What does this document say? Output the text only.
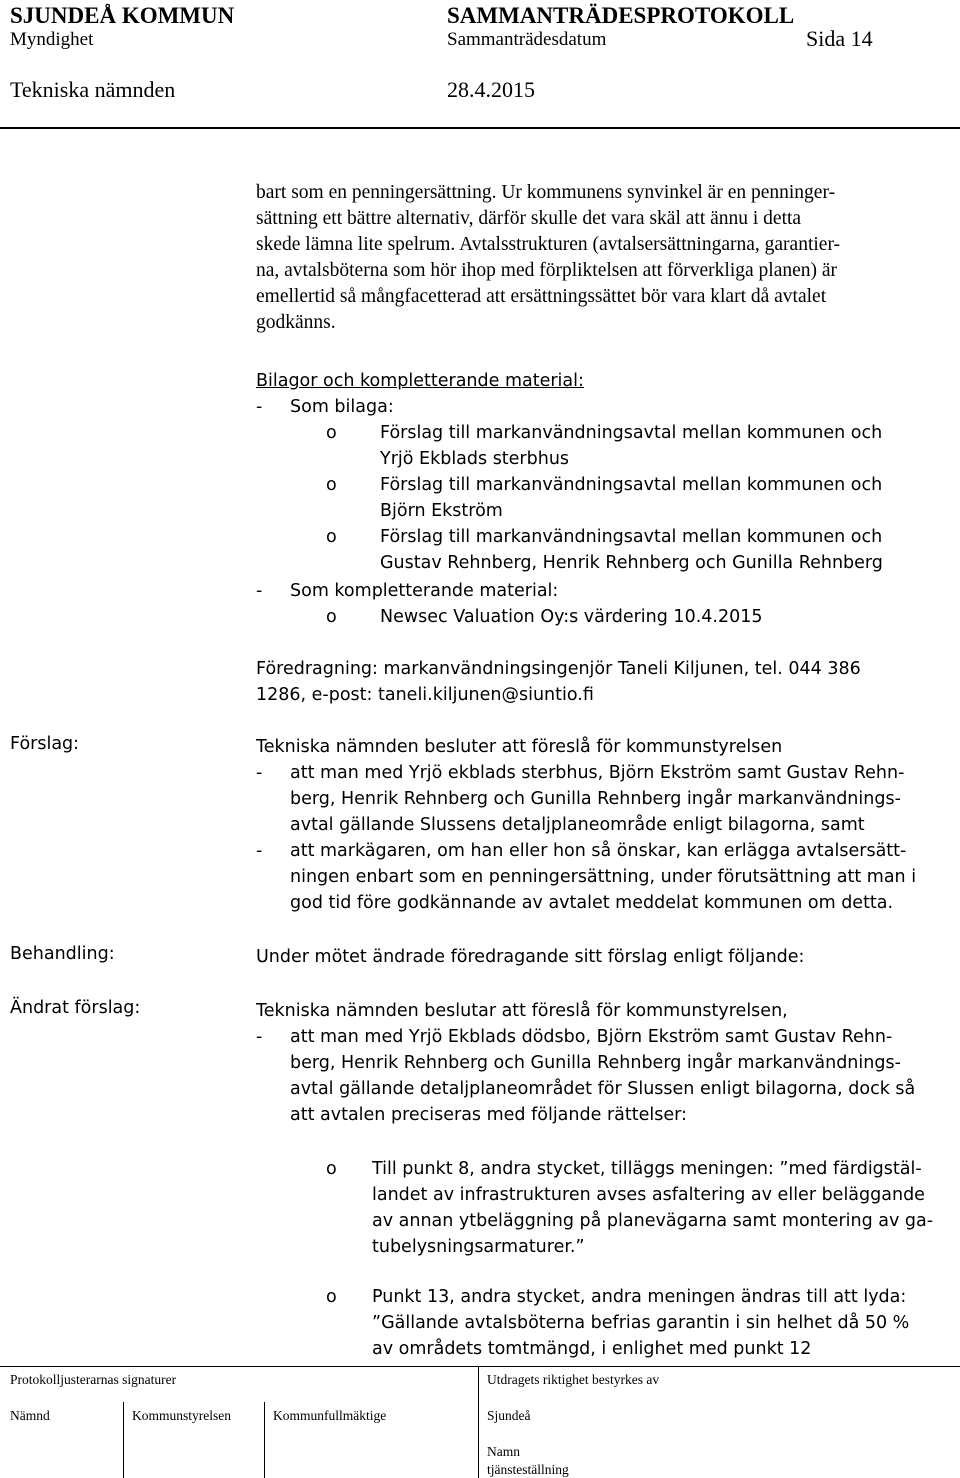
SJUNDEÅ KOMMUN	SAMMANTRÄDESPROTOKOLL
Myndighet	Sammanträdesdatum	Sida 14
Tekniska nämnden	28.4.2015
bart som en penningersättning. Ur kommunens synvinkel är en penninger-
sättning ett bättre alternativ, därför skulle det vara skäl att ännu i detta
skede lämna lite spelrum. Avtalsstrukturen (avtalsersättningarna, garantier-
na, avtalsböterna som hör ihop med förpliktelsen att förverkliga planen) är
emellertid så mångfacetterad att ersättningssättet bör vara klart då avtalet
godkänns.
Bilagor och kompletterande material:
- Som bilaga:
o Förslag till markanvändningsavtal mellan kommunen och
Yrjö Ekblads sterbhus
o Förslag till markanvändningsavtal mellan kommunen och
Björn Ekström
o Förslag till markanvändningsavtal mellan kommunen och
Gustav Rehnberg, Henrik Rehnberg och Gunilla Rehnberg
- Som kompletterande material:
o Newsec Valuation Oy:s värdering 10.4.2015
Föredragning: markanvändningsingenjör Taneli Kiljunen, tel. 044 386
1286, e-post: taneli.kiljunen@siuntio.fi
Förslag:	Tekniska nämnden besluter att föreslå för kommunstyrelsen
- att man med Yrjö ekblads sterbhus, Björn Ekström samt Gustav Rehn-
berg, Henrik Rehnberg och Gunilla Rehnberg ingår markanvändnings-
avtal gällande Slussens detaljplaneområde enligt bilagorna, samt
- att markägaren, om han eller hon så önskar, kan erlägga avtalsersätt-
ningen enbart som en penningersättning, under förutsättning att man i
god tid före godkännande av avtalet meddelat kommunen om detta.
Behandling:	Under mötet ändrade föredragande sitt förslag enligt följande:
Ändrat förslag:	Tekniska nämnden beslutar att föreslå för kommunstyrelsen,
- att man med Yrjö Ekblads dödsbo, Björn Ekström samt Gustav Rehn-
berg, Henrik Rehnberg och Gunilla Rehnberg ingår markanvändnings-
avtal gällande detaljplaneområdet för Slussen enligt bilagorna, dock så
att avtalen preciseras med följande rättelser:
o Till punkt 8, andra stycket, tilläggs meningen: ”med färdigstäl-
landet av infrastrukturen avses asfaltering av eller beläggande
av annan ytbeläggning på planevägarna samt montering av ga-
tubelysningsarmaturer.”
o Punkt 13, andra stycket, andra meningen ändras till att lyda:
”Gällande avtalsböterna befrias garantin i sin helhet då 50 %
av områdets tomtmängd, i enlighet med punkt 12
Protokolljusterarnas signaturer	Utdragets riktighet bestyrkes av
Nämnd	Kommunstyrelsen	Kommunfullmäktige	Sjundeå
Namn
tjänsteställning
